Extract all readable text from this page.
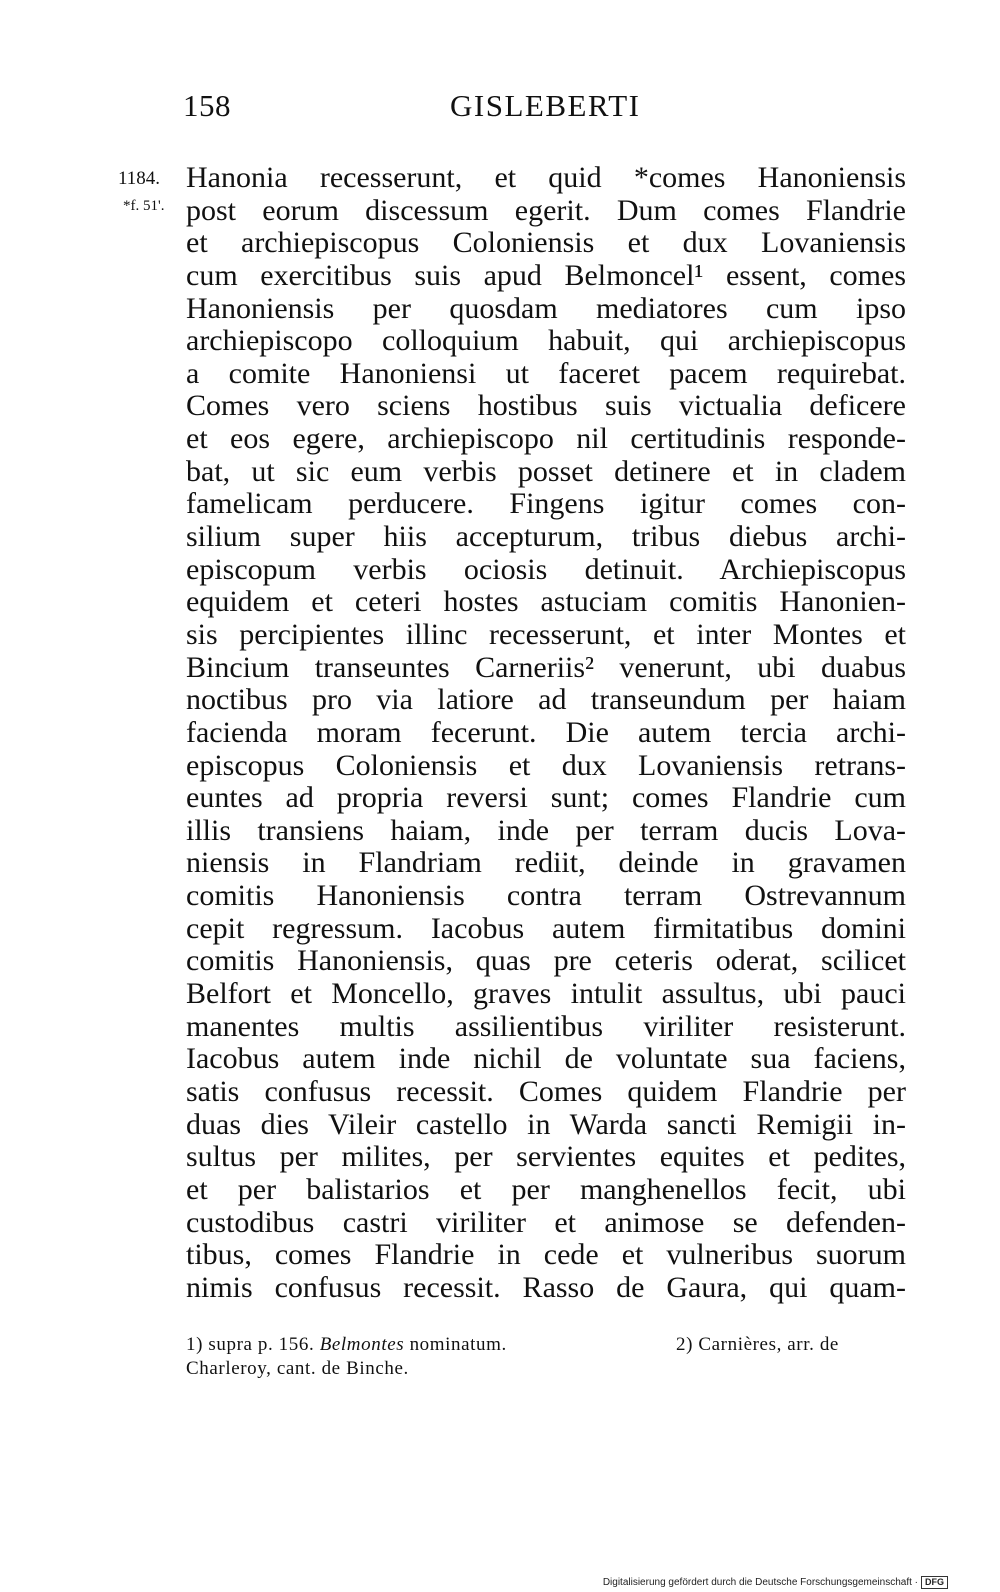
158	GISLEBERTI
1184.
*f. 51'.
Hanonia recesserunt, et quid *comes Hanoniensis
post eorum discessum egerit. Dum comes Flandrie
et archiepiscopus Coloniensis et dux Lovaniensis
cum exercitibus suis apud Belmoncel¹ essent, comes
Hanoniensis per quosdam mediatores cum ipso
archiepiscopo colloquium habuit, qui archiepiscopus
a comite Hanoniensi ut faceret pacem requirebat.
Comes vero sciens hostibus suis victualia deficere
et eos egere, archiepiscopo nil certitudinis responde-
bat, ut sic eum verbis posset detinere et in cladem
famelicam perducere. Fingens igitur comes con-
silium super hiis accepturum, tribus diebus archi-
episcopum verbis ociosis detinuit. Archiepiscopus
equidem et ceteri hostes astuciam comitis Hanonien-
sis percipientes illinc recesserunt, et inter Montes et
Bincium transeuntes Carneriis² venerunt, ubi duabus
noctibus pro via latiore ad transeundum per haiam
facienda moram fecerunt. Die autem tercia archi-
episcopus Coloniensis et dux Lovaniensis retrans-
euntes ad propria reversi sunt; comes Flandrie cum
illis transiens haiam, inde per terram ducis Lova-
niensis in Flandriam rediit, deinde in gravamen
comitis Hanoniensis contra terram Ostrevannum
cepit regressum. Iacobus autem firmitatibus domini
comitis Hanoniensis, quas pre ceteris oderat, scilicet
Belfort et Moncello, graves intulit assultus, ubi pauci
manentes multis assilientibus viriliter resisterunt.
Iacobus autem inde nichil de voluntate sua faciens,
satis confusus recessit. Comes quidem Flandrie per
duas dies Vileir castello in Warda sancti Remigii in-
sultus per milites, per servientes equites et pedites,
et per balistarios et per manghenellos fecit, ubi
custodibus castri viriliter et animose se defenden-
tibus, comes Flandrie in cede et vulneribus suorum
nimis confusus recessit. Rasso de Gaura, qui quam-
1) supra p. 156. Belmontes nominatum.	2) Carnières, arr. de
Charleroy, cant. de Binche.
Digitalisierung gefördert durch die Deutsche Forschungsgemeinschaft · DFG
